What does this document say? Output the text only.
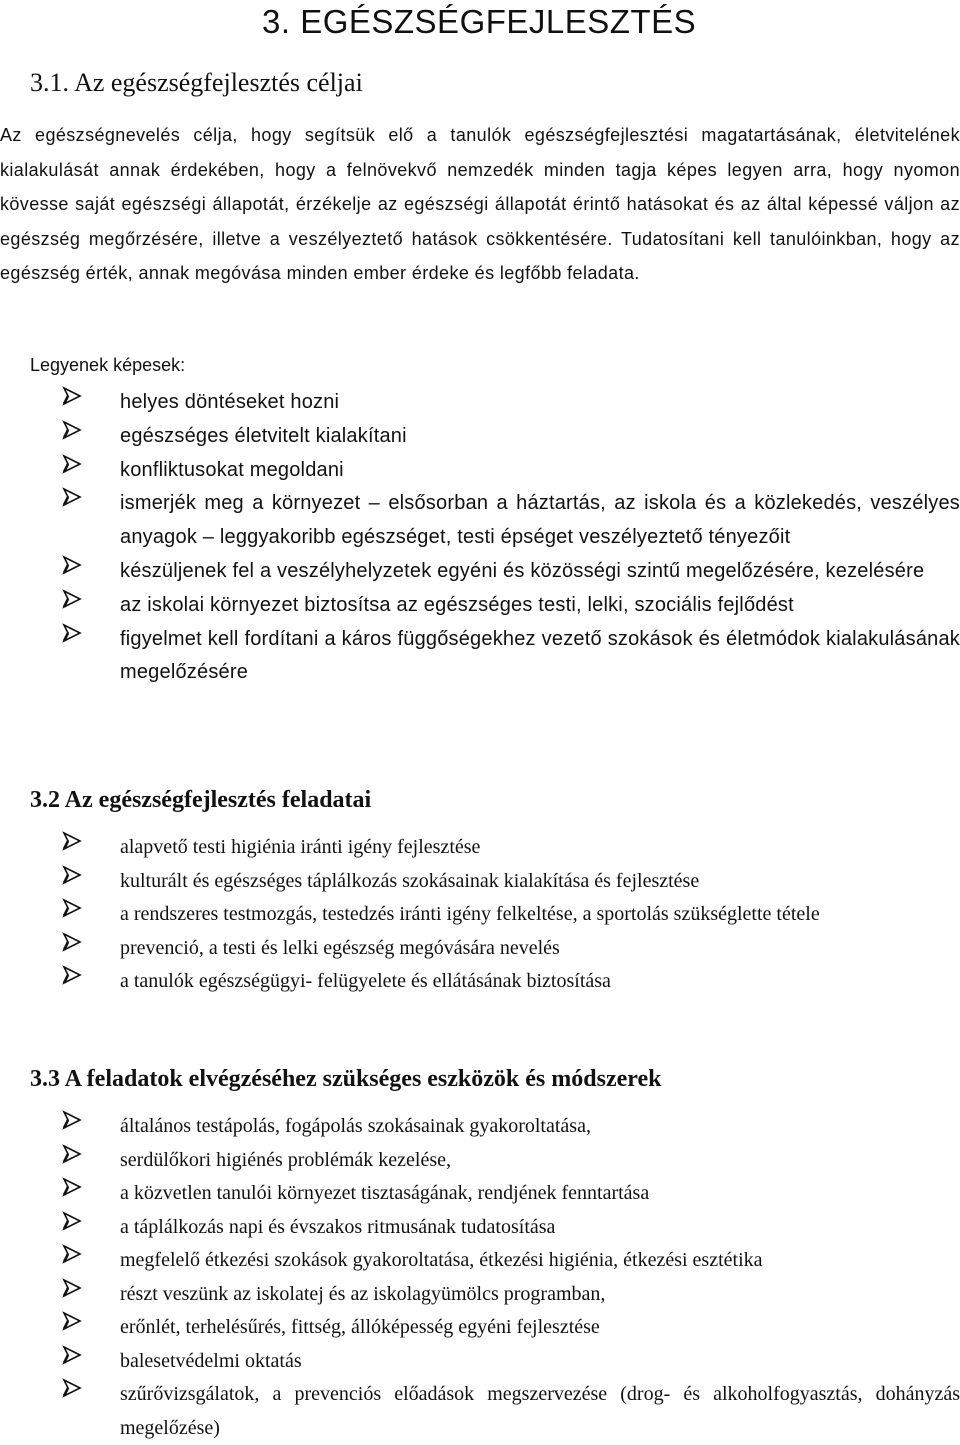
3. EGÉSZSÉGFEJLESZTÉS
3.1. Az egészségfejlesztés céljai

Az egészségnevelés célja, hogy segítsük elő a tanulók egészségfejlesztési magatartásának, életvitelének kialakulását annak érdekében, hogy a felnövekvő nemzedék minden tagja képes legyen arra, hogy nyomon kövesse saját egészségi állapotát, érzékelje az egészségi állapotát érintő hatásokat és az által képessé váljon az egészség megőrzésére, illetve a veszélyeztető hatások csökkentésére. Tudatosítani kell tanulóinkban, hogy az egészség érték, annak megóvása minden ember érdeke és legfőbb feladata.

Legyenek képesek:

helyes döntéseket hozni
egészséges életvitelt kialakítani
konfliktusokat megoldani
ismerjék meg a környezet – elsősorban a háztartás, az iskola és a közlekedés, veszélyes anyagok – leggyakoribb egészséget, testi épséget veszélyeztető tényezőit
készüljenek fel a veszélyhelyzetek egyéni és közösségi szintű megelőzésére, kezelésére
az iskolai környezet biztosítsa az egészséges testi, lelki, szociális fejlődést
figyelmet kell fordítani a káros függőségekhez vezető szokások és életmódok kialakulásának megelőzésére
3.2 Az egészségfejlesztés feladatai
alapvető testi higiénia iránti igény fejlesztése
kulturált és egészséges táplálkozás szokásainak kialakítása és fejlesztése
a rendszeres testmozgás, testedzés iránti igény felkeltése, a sportolás szükséglette tétele
prevenció, a testi és lelki egészség megóvására nevelés
a tanulók egészségügyi- felügyelete és ellátásának biztosítása
3.3 A feladatok elvégzéséhez szükséges eszközök és módszerek
általános testápolás, fogápolás szokásainak gyakoroltatása,
serdülőkori higiénés problémák kezelése,
a közvetlen tanulói környezet tisztaságának, rendjének fenntartása
a táplálkozás napi és évszakos ritmusának tudatosítása
megfelelő étkezési szokások gyakoroltatása, étkezési higiénia, étkezési esztétika
részt veszünk az iskolatej és az iskolagyümölcs programban,
erőnlét, terhelésűrés, fittség, állóképesség egyéni fejlesztése
balesetvédelmi oktatás
szűrővizsgálatok, a prevenciós előadások megszervezése (drog- és alkoholfogyasztás, dohányzás megelőzése)
